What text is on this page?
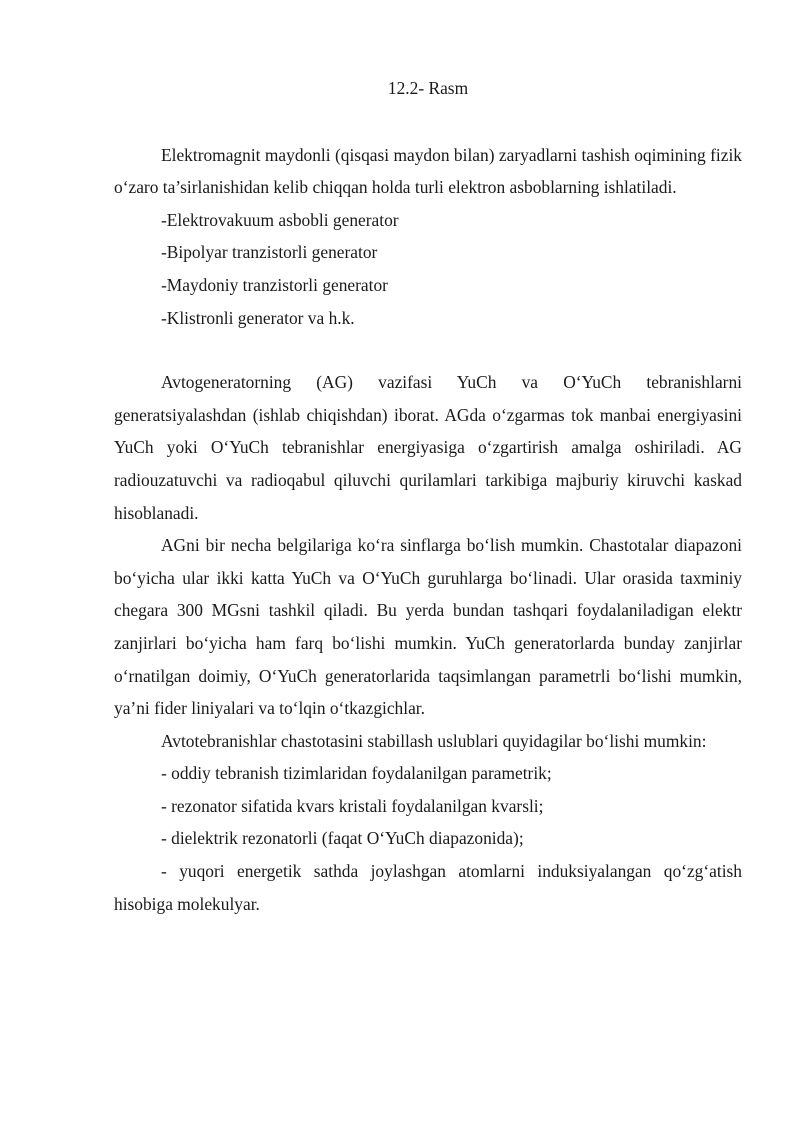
12.2- Rasm

Elektromagnit maydonli (qisqasi maydon bilan) zaryadlarni tashish oqimining fizik o‘zaro ta’sirlanishidan kelib chiqqan holda turli elektron asboblarning ishlatiladi.

-Elektrovakuum asbobli generator

-Bipolyar tranzistorli generator

-Maydoniy tranzistorli generator

-Klistronli generator va h.k.

Avtogeneratorning (AG) vazifasi YuCh va O‘YuCh tebranishlarni generatsiyalashdan (ishlab chiqishdan) iborat. AGda o‘zgarmas tok manbai energiyasini YuCh yoki O‘YuCh tebranishlar energiyasiga o‘zgartirish amalga oshiriladi. AG radiouzatuvchi va radioqabul qiluvchi qurilamlari tarkibiga majburiy kiruvchi kaskad hisoblanadi.

AGni bir necha belgilariga ko‘ra sinflarga bo‘lish mumkin. Chastotalar diapazoni bo‘yicha ular ikki katta YuCh va O‘YuCh guruhlarga bo‘linadi. Ular orasida taxminiy chegara 300 MGsni tashkil qiladi. Bu yerda bundan tashqari foydalaniladigan elektr zanjirlari bo‘yicha ham farq bo‘lishi mumkin. YuCh generatorlarda bunday zanjirlar o‘rnatilgan doimiy, O‘YuCh generatorlarida taqsimlangan parametrli bo‘lishi mumkin, ya’ni fider liniyalari va to‘lqin o‘tkazgichlar.

Avtotebranishlar chastotasini stabillash uslublari quyidagilar bo‘lishi mumkin:

- oddiy tebranish tizimlaridan foydalanilgan parametrik;

- rezonator sifatida kvars kristali foydalanilgan kvarsli;

- dielektrik rezonatorli (faqat O‘YuCh diapazonida);

- yuqori energetik sathda joylashgan atomlarni induksiyalangan qo‘zg‘atish hisobiga molekulyar.
